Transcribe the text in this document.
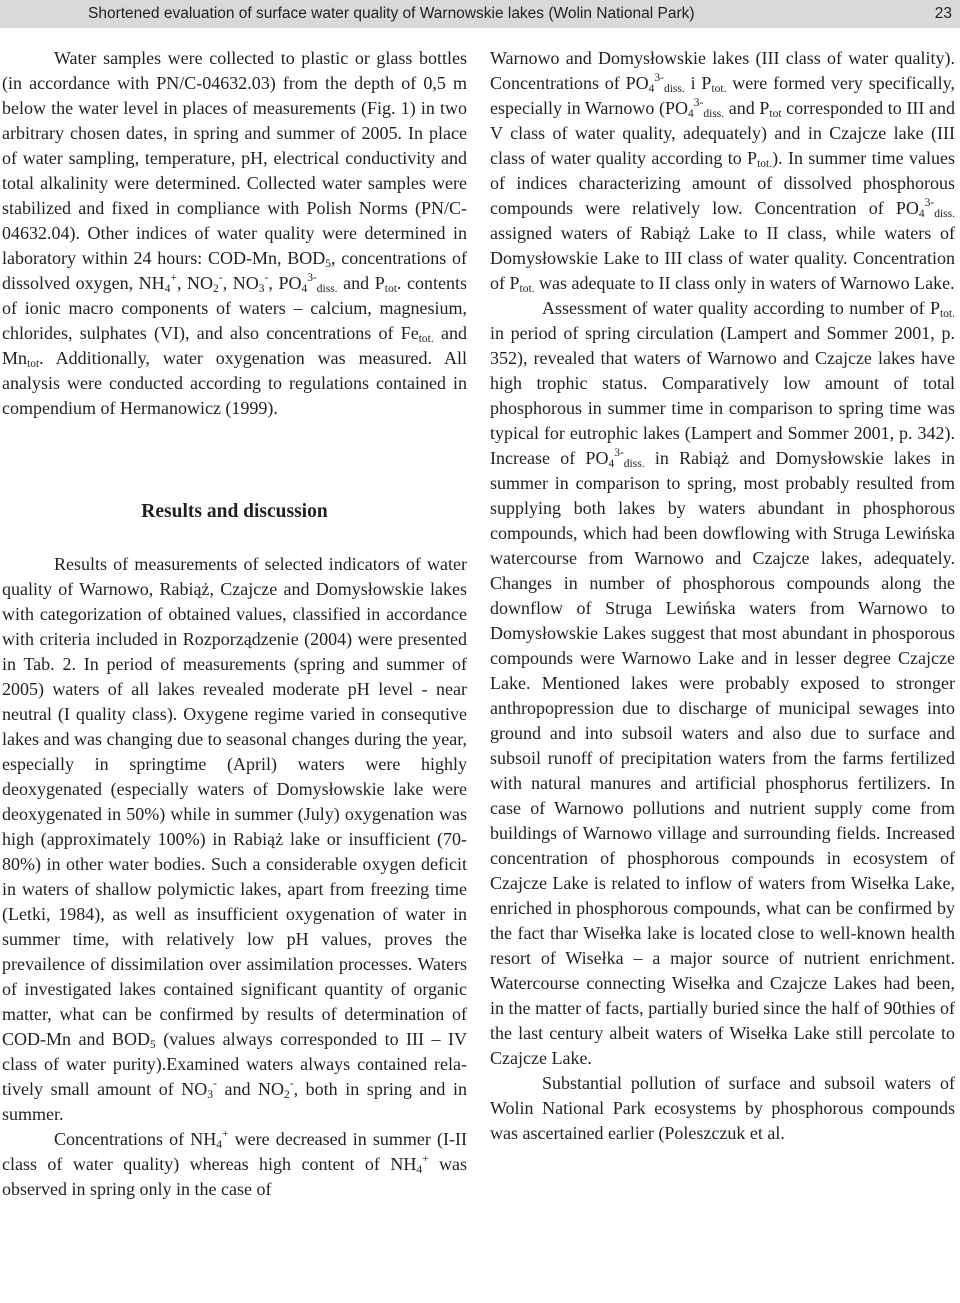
Shortened evaluation of surface water quality of Warnowskie lakes (Wolin National Park)	23

Water samples were collected to plastic or glass bottles (in accordance with PN/C-04632.03) from the depth of 0,5 m below the water level in places of measurements (Fig. 1) in two arbitrary chosen dates, in spring and summer of 2005. In place of water sampling, temperature, pH, electrical conductivity and total alkalinity were determined. Collected water samples were stabilized and fixed in compliance with Polish Norms (PN/C-04632.04). Other indices of water quality were determined in laboratory within 24 hours: COD-Mn, $BOD_5$, concentrations of dissolved oxygen, $NH_4^+$, $NO_2^-$, $NO_3^-$, $PO_4^{3-}_{diss.}$ and $P_{tot}$. contents of ionic macro components of waters – calcium, magnesium, chlorides, sulphates (VI), and also concentrations of $Fe_{tot.}$ and $Mn_{tot}$. Additionally, water oxygenation was measured. All analysis were conducted according to regulations contained in compendium of Hermanowicz (1999).

Results and discussion

Results of measurements of selected indicators of water quality of Warnowo, Rabiąż, Czajcze and Domysłowskie lakes with categorization of obtained values, classified in accordance with criteria included in Rozporządzenie (2004) were presented in Tab. 2. In period of measurements (spring and summer of 2005) waters of all lakes revealed moderate pH level - near neutral (I quality class). Oxygene regime varied in consequtive lakes and was changing due to seasonal changes during the year, especially in springtime (April) waters were highly deoxygenated (especially waters of Domysłowskie lake were deoxygenated in 50%) while in summer (July) oxygenation was high (approximately 100%) in Rabiąż lake or insufficient (70-80%) in other water bodies. Such a considerable oxygen deficit in waters of shallow polymictic lakes, apart from freezing time (Letki, 1984), as well as insufficient oxygenation of water in summer time, with relatively low pH values, proves the prevailence of dissimilation over assimilation processes. Waters of investigated lakes contained significant quantity of organic matter, what can be confirmed by results of determination of COD-Mn and $BOD_5$ (values always corresponded to III – IV class of water purity).Examined waters always contained relatively small amount of $NO_3^-$ and $NO_2^-$, both in spring and in summer.

Concentrations of $NH_4^+$ were decreased in summer (I-II class of water quality) whereas high content of $NH_4^+$ was observed in spring only in the case of

Warnowo and Domysłowskie lakes (III class of water quality). Concentrations of $PO_4^{3-}_{diss.}$ i $P_{tot.}$ were formed very specifically, especially in Warnowo ($PO_4^{3-}_{diss.}$ and $P_{tot}$ corresponded to III and V class of water quality, adequately) and in Czajcze lake (III class of water quality according to $P_{tot.}$). In summer time values of indices characterizing amount of dissolved phosphorous compounds were relatively low. Concentration of $PO_4^{3-}_{diss.}$ assigned waters of Rabiąż Lake to II class, while waters of Domysłowskie Lake to III class of water quality. Concentration of $P_{tot.}$ was adequate to II class only in waters of Warnowo Lake.

Assessment of water quality according to number of $P_{tot.}$ in period of spring circulation (Lampert and Sommer 2001, p. 352), revealed that waters of Warnowo and Czajcze lakes have high trophic status. Comparatively low amount of total phosphorous in summer time in comparison to spring time was typical for eutrophic lakes (Lampert and Sommer 2001, p. 342). Increase of $PO_4^{3-}_{diss.}$ in Rabiąż and Domysłowskie lakes in summer in comparison to spring, most probably resulted from supplying both lakes by waters abundant in phosphorous compounds, which had been dowflowing with Struga Lewińska watercourse from Warnowo and Czajcze lakes, adequately. Changes in number of phosphorous compounds along the downflow of Struga Lewińska waters from Warnowo to Domysłowskie Lakes suggest that most abundant in phosporous compounds were Warnowo Lake and in lesser degree Czajcze Lake. Mentioned lakes were probably exposed to stronger anthropopression due to discharge of municipal sewages into ground and into subsoil waters and also due to surface and subsoil runoff of precipitation waters from the farms fertilized with natural manures and artificial phosphorus fertilizers. In case of Warnowo pollutions and nutrient supply come from buildings of Warnowo village and surrounding fields. Increased concentration of phosphorous compounds in ecosystem of Czajcze Lake is related to inflow of waters from Wisełka Lake, enriched in phosphorous compounds, what can be confirmed by the fact thar Wisełka lake is located close to well-known health resort of Wisełka – a major source of nutrient enrichment. Watercourse connecting Wisełka and Czajcze Lakes had been, in the matter of facts, partially buried since the half of 90thies of the last century albeit waters of Wisełka Lake still percolate to Czajcze Lake.

Substantial pollution of surface and subsoil waters of Wolin National Park ecosystems by phosphorous compounds was ascertained earlier (Poleszczuk et al.
